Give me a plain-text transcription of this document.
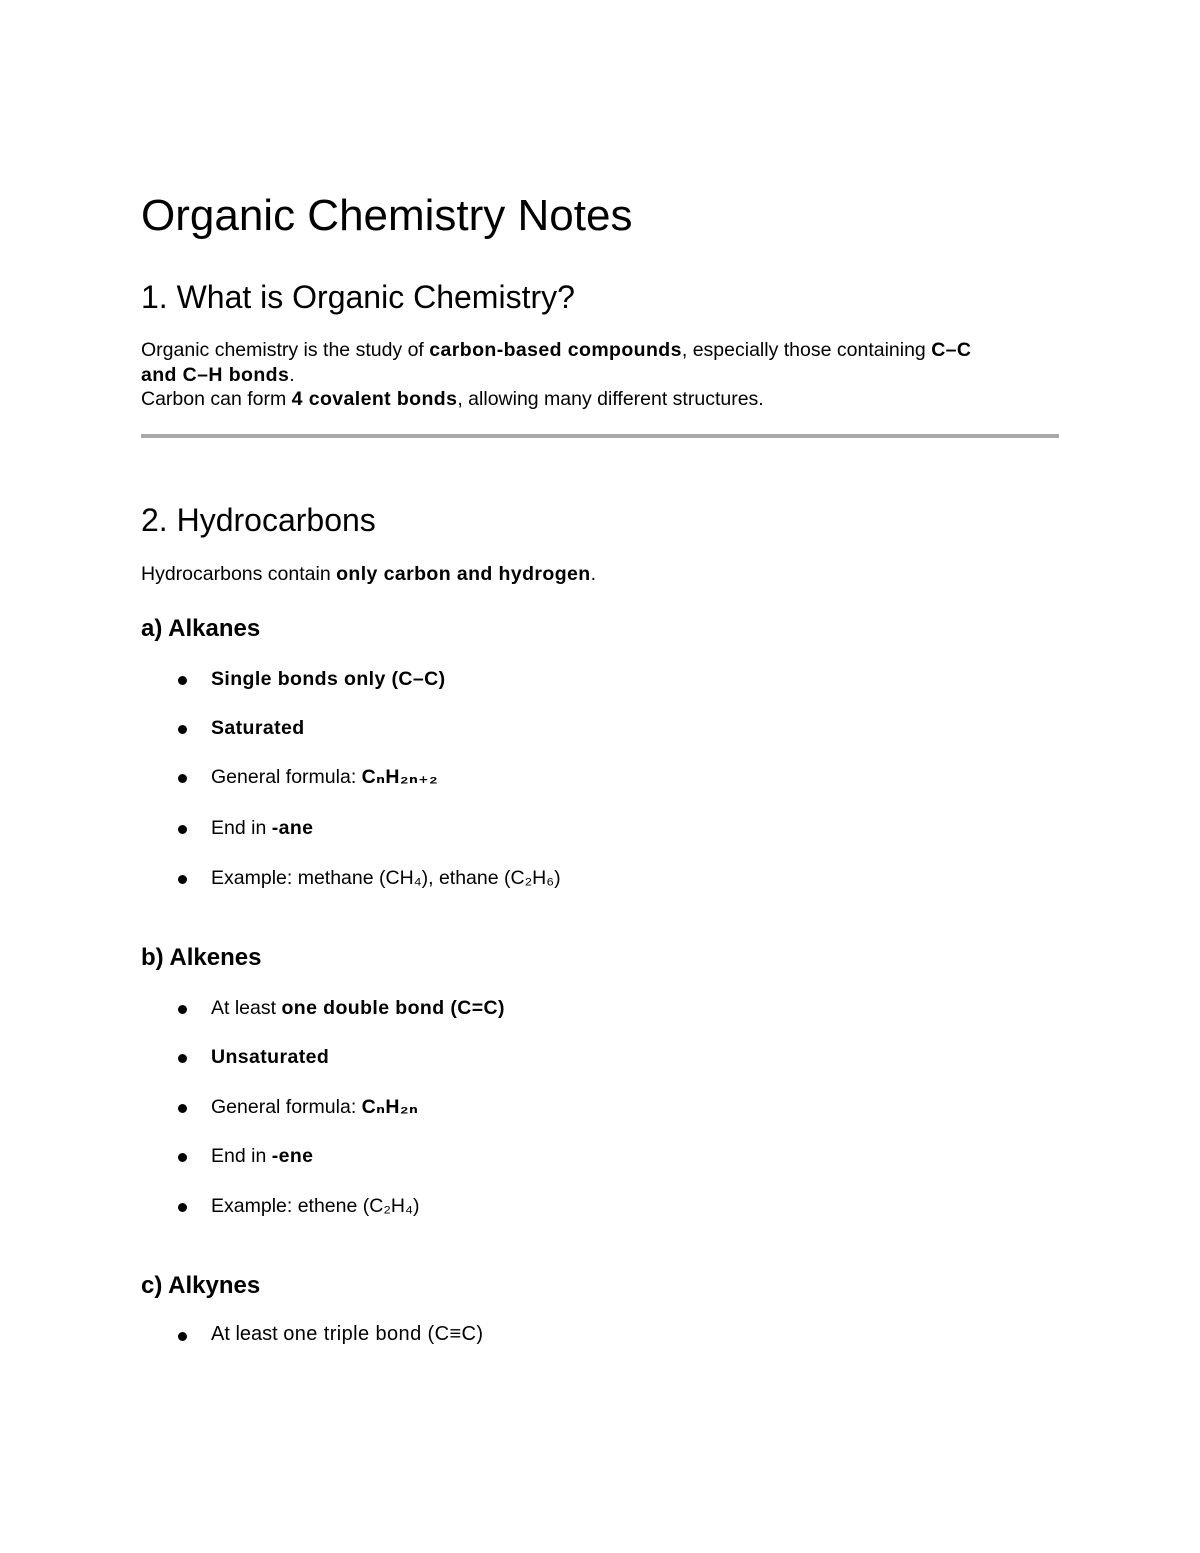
Organic Chemistry Notes
1. What is Organic Chemistry?

Organic chemistry is the study of carbon-based compounds, especially those containing C–C

and C–H bonds.

Carbon can form 4 covalent bonds, allowing many different structures.

2. Hydrocarbons

Hydrocarbons contain only carbon and hydrogen.

a) Alkanes

Single bonds only (C–C)

Saturated

General formula: CₙH₂ₙ₊₂

End in -ane

Example: methane (CH₄), ethane (C₂H₆)

b) Alkenes

At least one double bond (C=C)

Unsaturated

General formula: CₙH₂ₙ

End in -ene

Example: ethene (C₂H₄)

c) Alkynes

At least one triple bond (C≡C)
